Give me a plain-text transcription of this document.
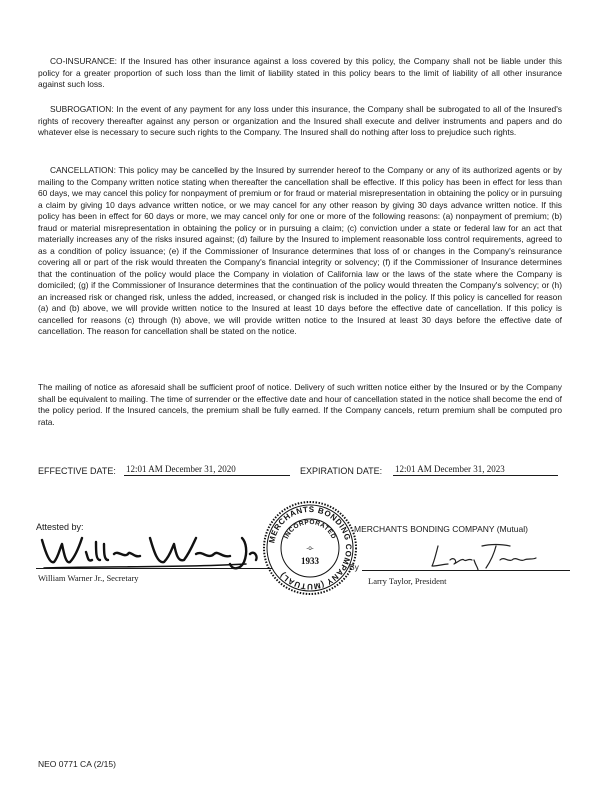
CO-INSURANCE: If the Insured has other insurance against a loss covered by this policy, the Company shall not be liable under this policy for a greater proportion of such loss than the limit of liability stated in this policy bears to the limit of liability of all other insurance against such loss.

SUBROGATION: In the event of any payment for any loss under this insurance, the Company shall be subrogated to all of the Insured's rights of recovery thereafter against any person or organization and the Insured shall execute and deliver instruments and papers and do whatever else is necessary to secure such rights to the Company. The Insured shall do nothing after loss to prejudice such rights.

CANCELLATION: This policy may be cancelled by the Insured by surrender hereof to the Company or any of its authorized agents or by mailing to the Company written notice stating when thereafter the cancellation shall be effective. If this policy has been in effect for less than 60 days, we may cancel this policy for nonpayment of premium or for fraud or material misrepresentation in obtaining the policy or in pursuing a claim by giving 10 days advance written notice, or we may cancel for any other reason by giving 30 days advance written notice. If this policy has been in effect for 60 days or more, we may cancel only for one or more of the following reasons: (a) nonpayment of premium; (b) fraud or material misrepresentation in obtaining the policy or in pursuing a claim; (c) conviction under a state or federal law for an act that materially increases any of the risks insured against; (d) failure by the Insured to implement reasonable loss control requirements, agreed to as a condition of policy issuance; (e) if the Commissioner of Insurance determines that loss of or changes in the Company's reinsurance covering all or part of the risk would threaten the Company's financial integrity or solvency; (f) if the Commissioner of Insurance determines that the continuation of the policy would place the Company in violation of California law or the laws of the state where the Company is domiciled; (g) if the Commissioner of Insurance determines that the continuation of the policy would threaten the Company's solvency; or (h) an increased risk or changed risk, unless the added, increased, or changed risk is included in the policy. If this policy is cancelled for reason (a) and (b) above, we will provide written notice to the Insured at least 10 days before the effective date of cancellation. If this policy is cancelled for reasons (c) through (h) above, we will provide written notice to the Insured at least 30 days before the effective date of cancellation. The reason for cancellation shall be stated on the notice.

The mailing of notice as aforesaid shall be sufficient proof of notice. Delivery of such written notice either by the Insured or by the Company shall be equivalent to mailing. The time of surrender or the effective date and hour of cancellation stated in the notice shall become the end of the policy period. If the Insured cancels, the premium shall be fully earned. If the Company cancels, return premium shall be computed pro rata.

EFFECTIVE DATE: 12:01 AM December 31, 2020	EXPIRATION DATE: 12:01 AM December 31, 2023
Attested by:
William Warner Jr., Secretary
MERCHANTS BONDING COMPANY (MUTUAL)
INCORPORATED
-o-
1933
MERCHANTS BONDING COMPANY (Mutual)
By
Larry Taylor, President
NEO 0771 CA (2/15)
